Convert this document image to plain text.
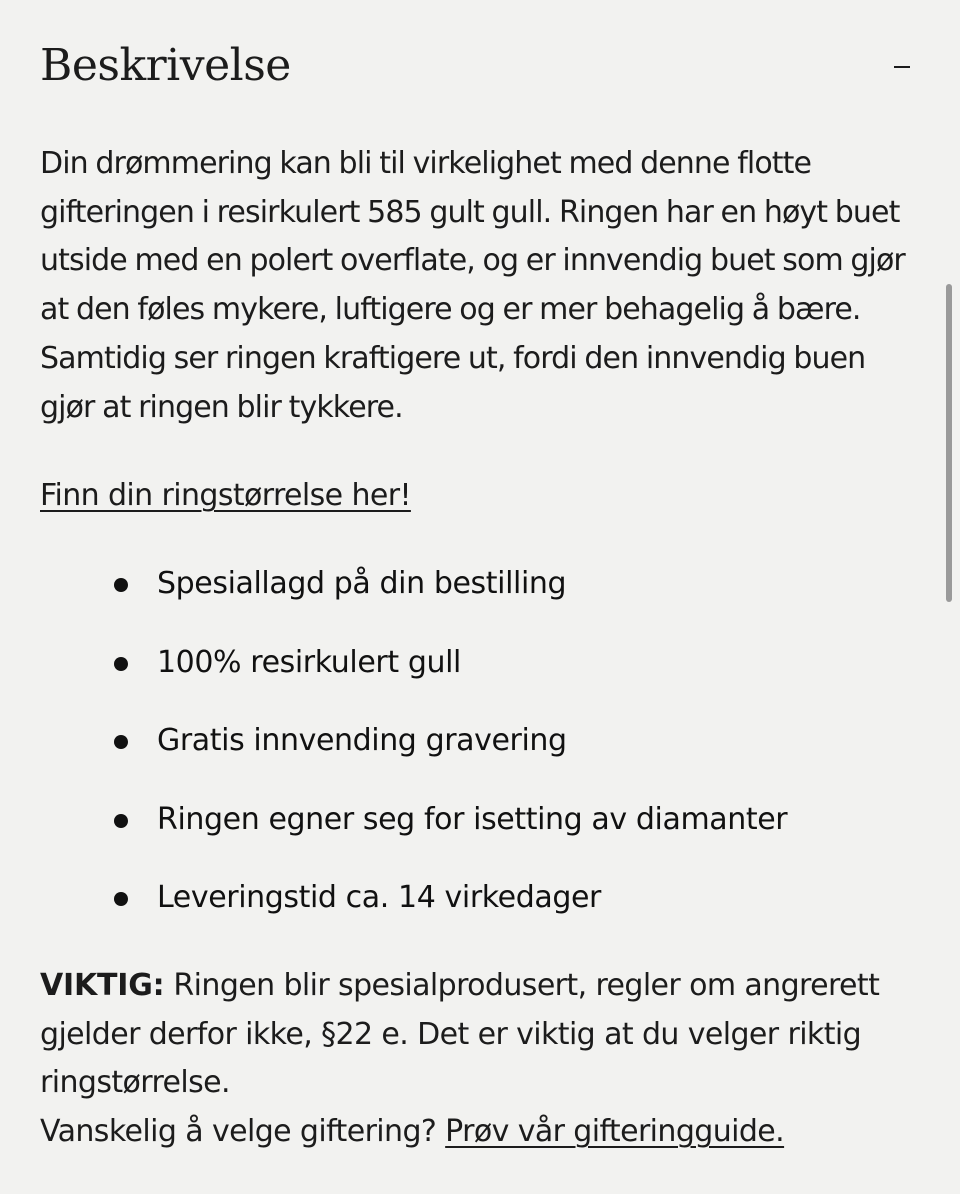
Beskrivelse

Din drømmering kan bli til virkelighet med denne flotte gifteringen i resirkulert 585 gult gull. Ringen har en høyt buet utside med en polert overflate, og er innvendig buet som gjør at den føles mykere, luftigere og er mer behagelig å bære. Samtidig ser ringen kraftigere ut, fordi den innvendig buen gjør at ringen blir tykkere.

Finn din ringstørrelse her!
Spesiallagd på din bestilling
100% resirkulert gull
Gratis innvending gravering
Ringen egner seg for isetting av diamanter
Leveringstid ca. 14 virkedager

VIKTIG: Ringen blir spesialprodusert, regler om angrerett gjelder derfor ikke, §22 e. Det er viktig at du velger riktig ringstørrelse.

Vanskelig å velge giftering? Prøv vår gifteringguide.
